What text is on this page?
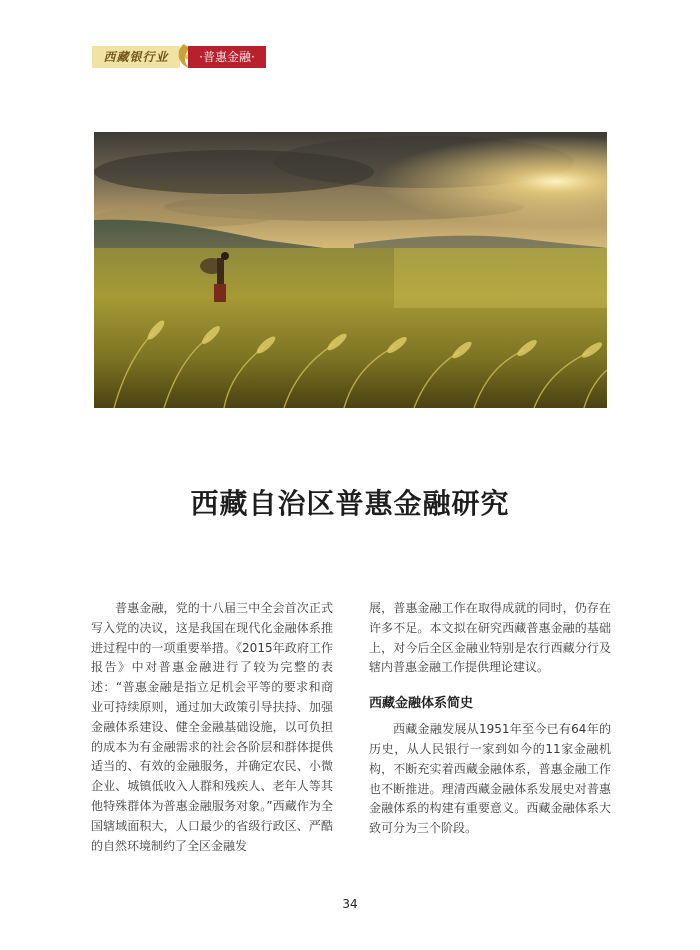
西藏银行业	·普惠金融·
西藏自治区普惠金融研究

普惠金融，党的十八届三中全会首次正式写入党的决议，这是我国在现代化金融体系推进过程中的一项重要举措。《2015年政府工作报告》中对普惠金融进行了较为完整的表述：“普惠金融是指立足机会平等的要求和商业可持续原则，通过加大政策引导扶持、加强金融体系建设、健全金融基础设施，以可负担的成本为有金融需求的社会各阶层和群体提供适当的、有效的金融服务，并确定农民、小微企业、城镇低收入人群和残疾人、老年人等其他特殊群体为普惠金融服务对象。”西藏作为全国辖域面积大，人口最少的省级行政区、严酷的自然环境制约了全区金融发

展，普惠金融工作在取得成就的同时，仍存在许多不足。本文拟在研究西藏普惠金融的基础上，对今后全区金融业特别是农行西藏分行及辖内普惠金融工作提供理论建议。

西藏金融体系简史

西藏金融发展从1951年至今已有64年的历史，从人民银行一家到如今的11家金融机构，不断充实着西藏金融体系，普惠金融工作也不断推进。理清西藏金融体系发展史对普惠金融体系的构建有重要意义。西藏金融体系大致可分为三个阶段。

34
